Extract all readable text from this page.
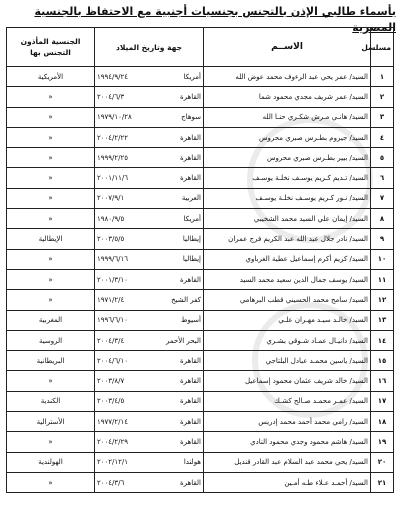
بأسماء طالبي الإذن بالتجنس بجنسيات أجنبية مع الاحتفاظ بالجنسية المصرية
مسلسل	الاســم	جهة وتاريخ الميلاد		الجنسية المأذون التجنس بها
١	السيد/ عمر يحي عبد الرءوف محمد عوض الله	أمريكا	١٩٩٤/٩/٢٤	الأمريكية
٢	السيد/ عمر شريف مجدي محمود شما	القاهرة	٢٠٠٤/٦/٣	«
٣	السيد/ هانـي مـرش شكـري حنـا الله	سوهاج	١٩٧٩/١٠/٢٨	«
٤	السيد/ جيروم بطـرس صبري محروس	القاهرة	٢٠٠٤/٢/٢٢	«
٥	السيد/ بيير بطـرس صبري محروس	القاهرة	١٩٩٩/٢/٢٥	«
٦	السيد/ تـديم كـريم يوسـف نخلـة يوسـف	القاهرة	٢٠٠١/١١/٦	«
٧	السيد/ نـور كـريم يوسـف نخلـة يوسـف	العربية	٢٠٠٧/٩/١	«
٨	السيد/ إيمان علي السيد محمد الشخيبي	أمريكا	١٩٨٠/٩/٥	«
٩	السيد/ نادر جلال عبد الله عبد الكريم فرج عمران	إيطاليا	٢٠٠٣/٥/٥	الإيطالية
١٠	السيد/ كريم أكرم إسماعيل عطية الغرباوي	إيطاليا	١٩٩٩/٦/١٦	«
١١	السيد/ يوسف جمال الدين سعيد محمد السيد	القاهرة	٢٠٠١/٣/١٠	«
١٢	السيد/ سامح محمد الحسيني قطب البرهامي	كفر الشيخ	١٩٧١/٢/٤	«
١٣	السيد/ خالـد سيـد مهـران علـي	أسيوط	١٩٩٦/٦/١٠	المغربية
١٤	السيد/ دانيـال عمـاد شـوقي بشـري	البحر الأحمر	٢٠٠٤/٣/٤	الروسية
١٥	السيد/ ياسين محمـد عبادل البلتاجي	القاهرة	٢٠٠٤/٦/١٠	البريطانية
١٦	السيد/ خالد شريف عثمان محمود إسماعيل	القاهرة	٢٠٠٣/٨/٧	«
١٧	السيد/ عمـر محمـد صـالح كشـك	القاهرة	٢٠٠٣/٤/٥	الكندية
١٨	السيد/ رامي محمد أحمد محمد إدريس	القاهرة	١٩٧٧/٢/١٤	الأسترالية
١٩	السيد/ هاشم محمود وجدي محمود النادي	القاهرة	٢٠٠٤/٢/٢٩	«
٢٠	السيد/ يحي محمد عبد السلام عبد القادر قنديل	هولندا	٢٠٠٢/١٢/١	الهولندية
٢١	السيد/ أحمـد عـلاء طـه أمـين	القاهرة	٢٠٠٤/٣/٦	«
